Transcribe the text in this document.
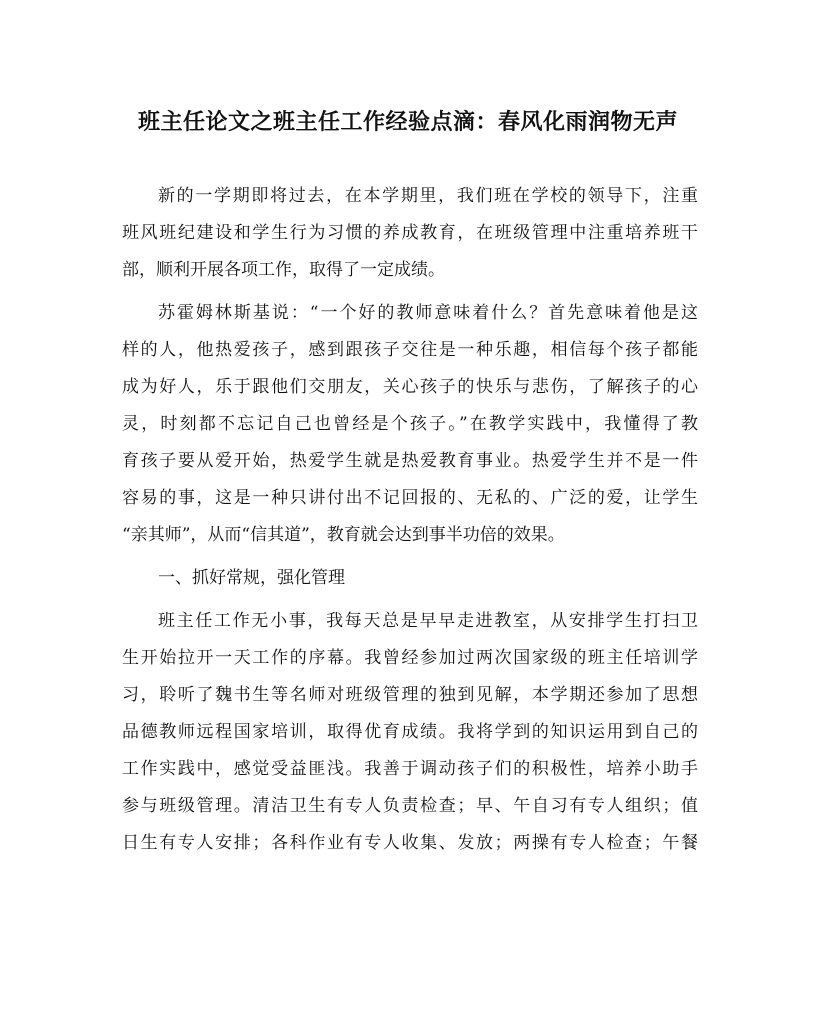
班主任论文之班主任工作经验点滴：春风化雨润物无声
新的一学期即将过去，在本学期里，我们班在学校的领导下，注重
班风班纪建设和学生行为习惯的养成教育，在班级管理中注重培养班干
部，顺利开展各项工作，取得了一定成绩。
苏霍姆林斯基说：“一个好的教师意味着什么？首先意味着他是这
样的人，他热爱孩子，感到跟孩子交往是一种乐趣，相信每个孩子都能
成为好人，乐于跟他们交朋友，关心孩子的快乐与悲伤，了解孩子的心
灵，时刻都不忘记自己也曾经是个孩子。”在教学实践中，我懂得了教
育孩子要从爱开始，热爱学生就是热爱教育事业。热爱学生并不是一件
容易的事，这是一种只讲付出不记回报的、无私的、广泛的爱，让学生
“亲其师”，从而“信其道”，教育就会达到事半功倍的效果。
一、抓好常规，强化管理
班主任工作无小事，我每天总是早早走进教室，从安排学生打扫卫
生开始拉开一天工作的序幕。我曾经参加过两次国家级的班主任培训学
习，聆听了魏书生等名师对班级管理的独到见解，本学期还参加了思想
品德教师远程国家培训，取得优育成绩。我将学到的知识运用到自己的
工作实践中，感觉受益匪浅。我善于调动孩子们的积极性，培养小助手
参与班级管理。清洁卫生有专人负责检查；早、午自习有专人组织；值
日生有专人安排；各科作业有专人收集、发放；两操有专人检查；午餐
